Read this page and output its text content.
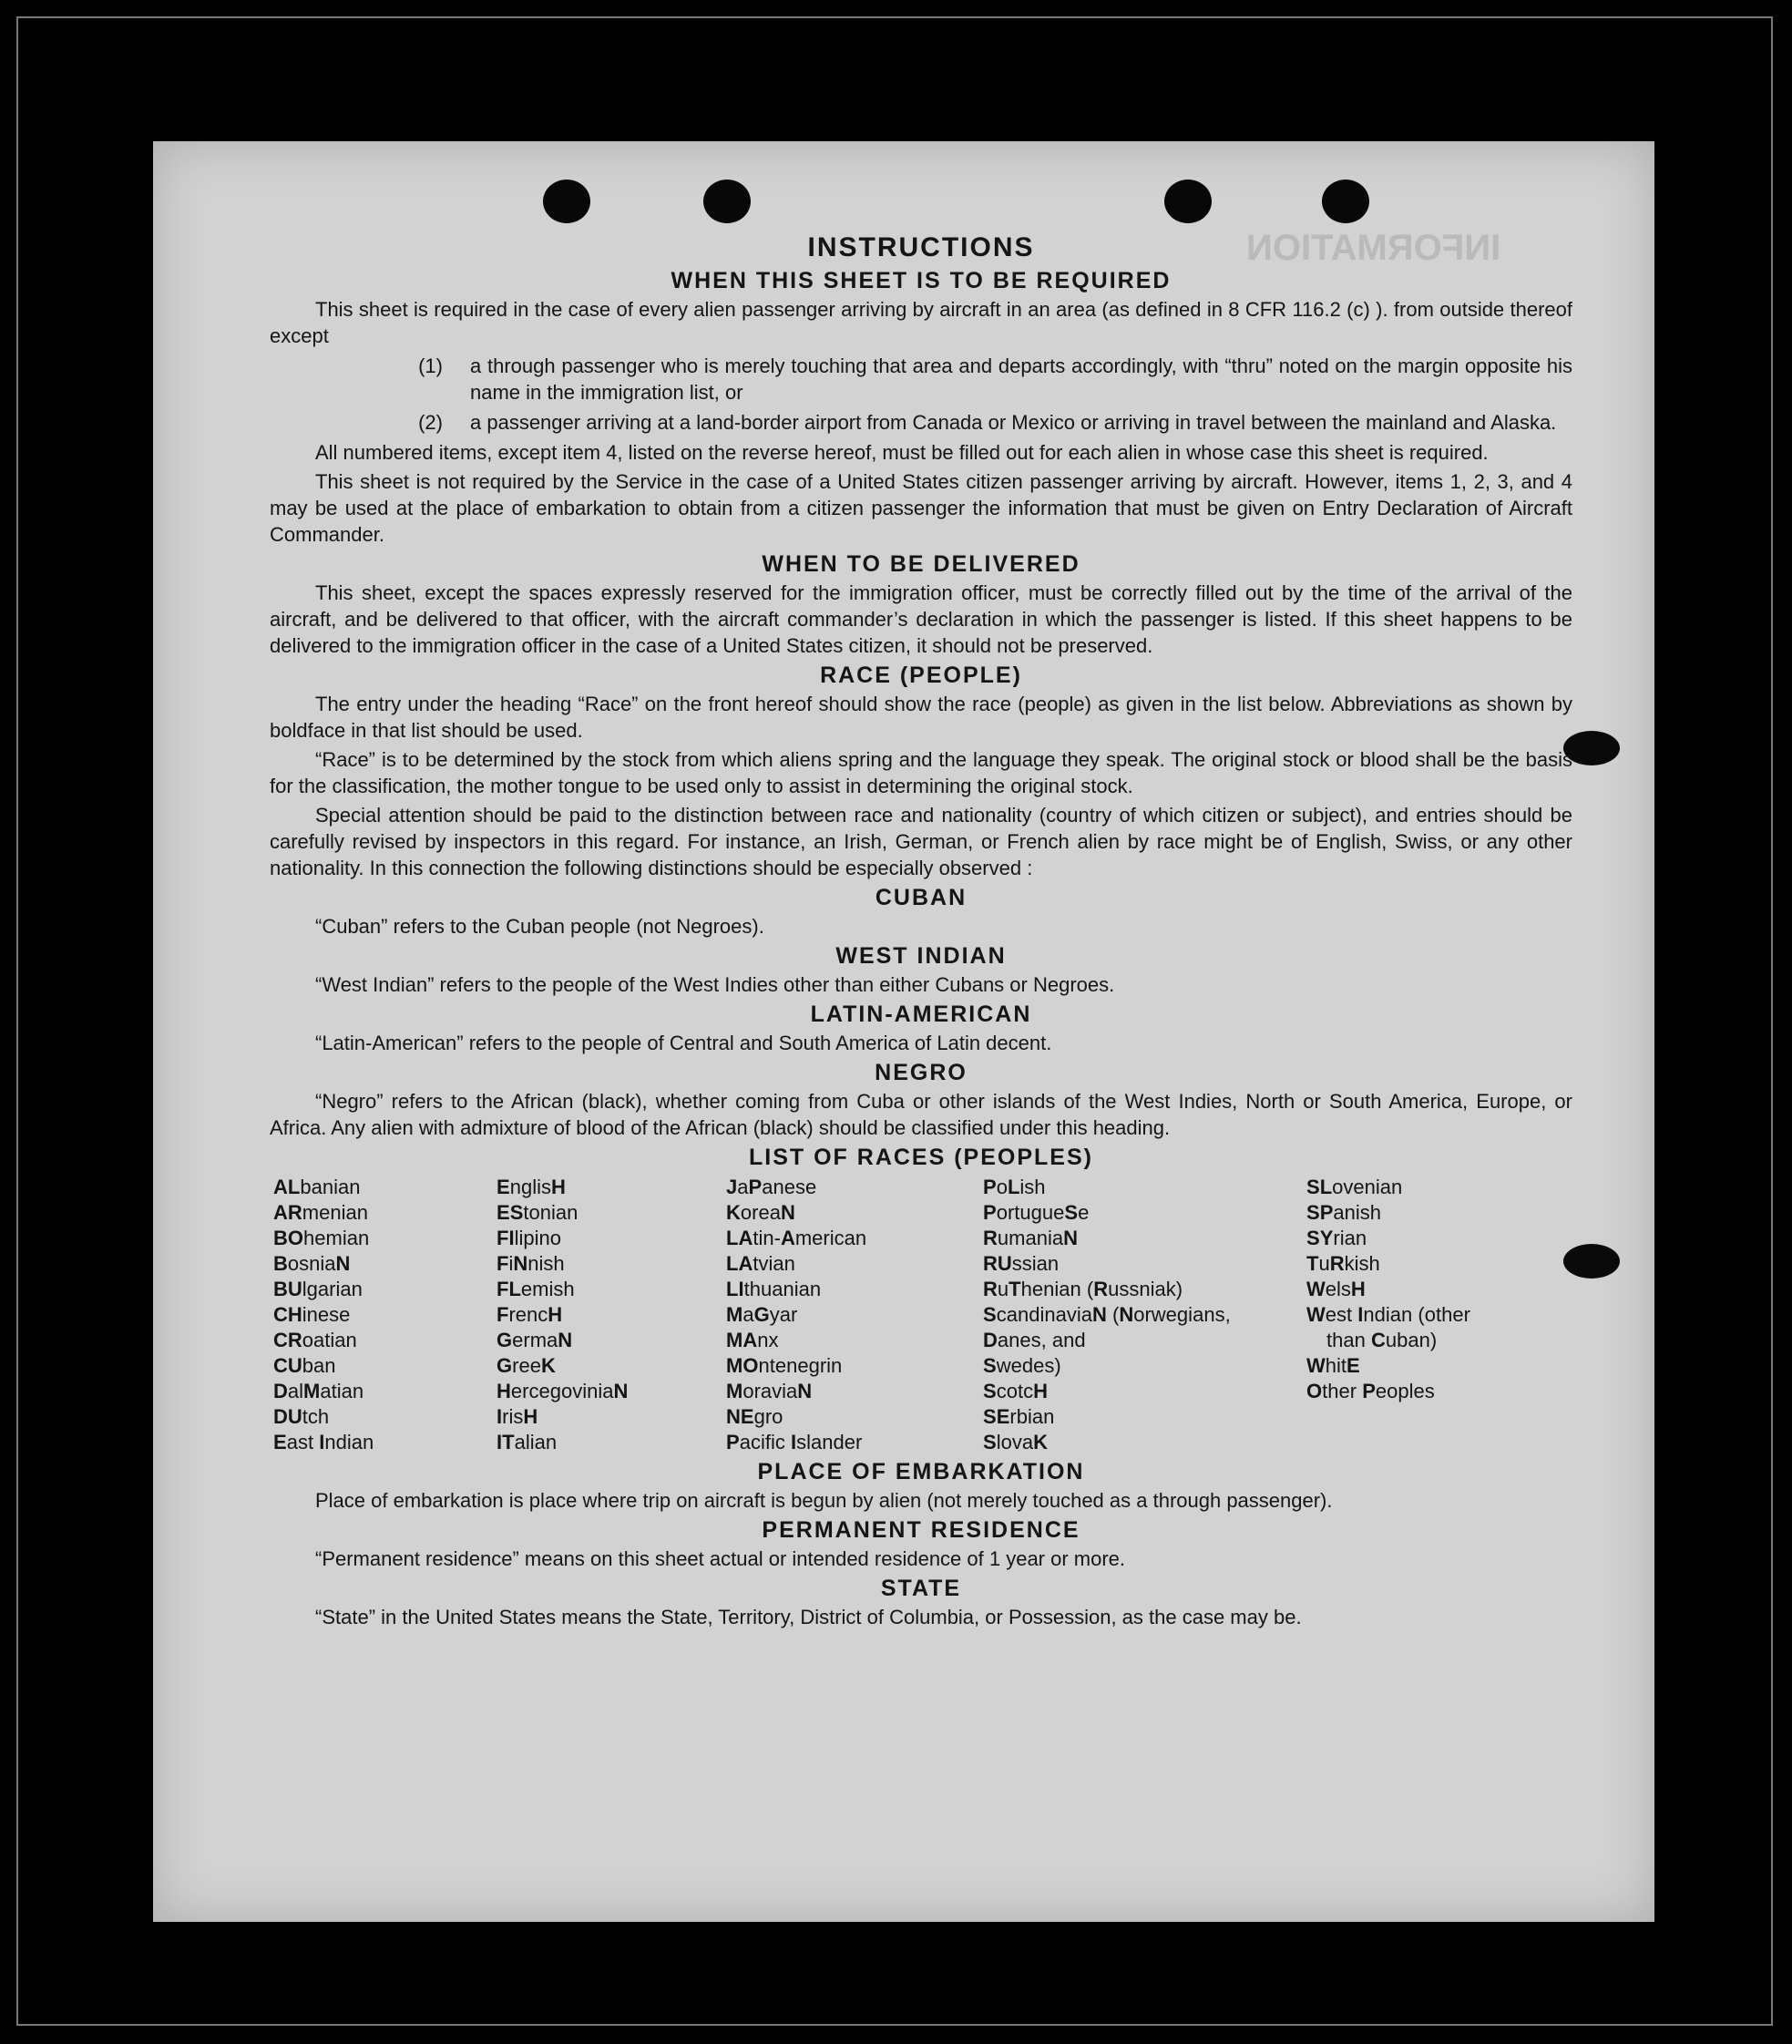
INFORMATION
INSTRUCTIONS
WHEN THIS SHEET IS TO BE REQUIRED

This sheet is required in the case of every alien passenger arriving by aircraft in an area (as defined in 8 CFR 116.2 (c) ). from outside thereof except

(1)	a through passenger who is merely touching that area and departs accordingly, with “thru” noted on the margin opposite his name in the immigration list, or
(2)	a passenger arriving at a land-border airport from Canada or Mexico or arriving in travel between the mainland and Alaska.

All numbered items, except item 4, listed on the reverse hereof, must be filled out for each alien in whose case this sheet is required.

This sheet is not required by the Service in the case of a United States citizen passenger arriving by aircraft. However, items 1, 2, 3, and 4 may be used at the place of embarkation to obtain from a citizen passenger the information that must be given on Entry Declaration of Aircraft Commander.

WHEN TO BE DELIVERED

This sheet, except the spaces expressly reserved for the immigration officer, must be correctly filled out by the time of the arrival of the aircraft, and be delivered to that officer, with the aircraft commander’s declaration in which the passenger is listed. If this sheet happens to be delivered to the immigration officer in the case of a United States citizen, it should not be preserved.

RACE (PEOPLE)

The entry under the heading “Race” on the front hereof should show the race (people) as given in the list below. Abbreviations as shown by boldface in that list should be used.

“Race” is to be determined by the stock from which aliens spring and the language they speak. The original stock or blood shall be the basis for the classification, the mother tongue to be used only to assist in determining the original stock.

Special attention should be paid to the distinction between race and nationality (country of which citizen or subject), and entries should be carefully revised by inspectors in this regard. For instance, an Irish, German, or French alien by race might be of English, Swiss, or any other nationality. In this connection the following distinctions should be especially observed :

CUBAN

“Cuban” refers to the Cuban people (not Negroes).

WEST INDIAN

“West Indian” refers to the people of the West Indies other than either Cubans or Negroes.

LATIN-AMERICAN

“Latin-American” refers to the people of Central and South America of Latin decent.

NEGRO

“Negro” refers to the African (black), whether coming from Cuba or other islands of the West Indies, North or South America, Europe, or Africa. Any alien with admixture of blood of the African (black) should be classified under this heading.

LIST OF RACES (PEOPLES)
ALbanian
ARmenian
BOhemian
BosniaN
BUlgarian
CHinese
CRoatian
CUban
DalMatian
DUtch
East Indian
EnglisH
EStonian
FIlipino
FiNnish
FLemish
FrencH
GermaN
GreeK
HercegoviniaN
IrisH
ITalian
JaPanese
KoreaN
LAtin-American
LAtvian
LIthuanian
MaGyar
MAnx
MOntenegrin
MoraviaN
NEgro
Pacific Islander
PoLish
PortugueSe
RumaniaN
RUssian
RuThenian (Russniak)
ScandinaviaN (Norwegians,
Danes, and
Swedes)
ScotcH
SErbian
SlovaK
SLovenian
SPanish
SYrian
TuRkish
WelsH
West Indian (other
than Cuban)
WhitE
Other Peoples
PLACE OF EMBARKATION

Place of embarkation is place where trip on aircraft is begun by alien (not merely touched as a through passenger).

PERMANENT RESIDENCE

“Permanent residence” means on this sheet actual or intended residence of 1 year or more.

STATE

“State” in the United States means the State, Territory, District of Columbia, or Possession, as the case may be.
